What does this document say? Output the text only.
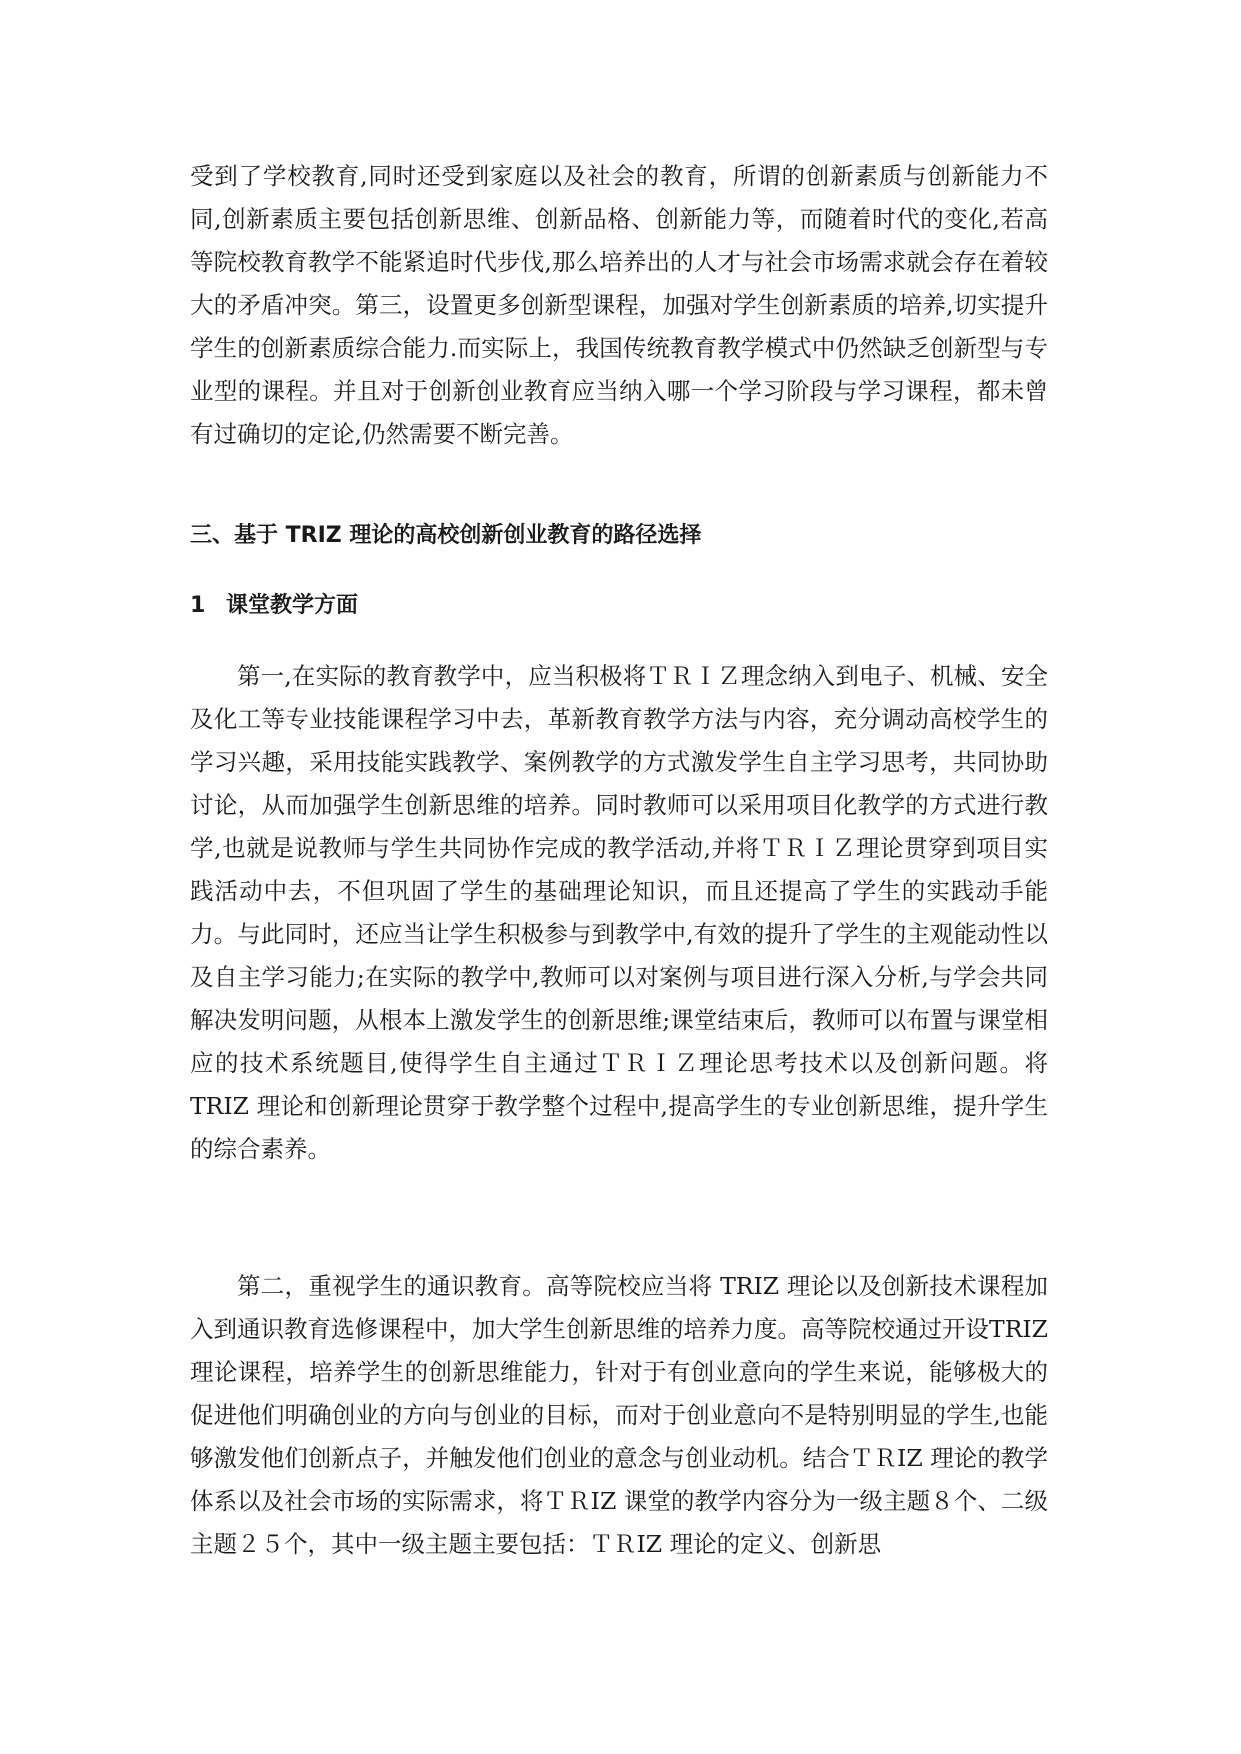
受到了学校教育,同时还受到家庭以及社会的教育，所谓的创新素质与创新能力不同,创新素质主要包括创新思维、创新品格、创新能力等，而随着时代的变化,若高等院校教育教学不能紧追时代步伐,那么培养出的人才与社会市场需求就会存在着较大的矛盾冲突。第三，设置更多创新型课程，加强对学生创新素质的培养,切实提升学生的创新素质综合能力.而实际上，我国传统教育教学模式中仍然缺乏创新型与专业型的课程。并且对于创新创业教育应当纳入哪一个学习阶段与学习课程，都未曾有过确切的定论,仍然需要不断完善。

三、基于 TRIZ 理论的高校创新创业教育的路径选择
1 课堂教学方面

第一,在实际的教育教学中，应当积极将ＴＲＩＺ理念纳入到电子、机械、安全及化工等专业技能课程学习中去，革新教育教学方法与内容，充分调动高校学生的学习兴趣，采用技能实践教学、案例教学的方式激发学生自主学习思考，共同协助讨论，从而加强学生创新思维的培养。同时教师可以采用项目化教学的方式进行教学,也就是说教师与学生共同协作完成的教学活动,并将ＴＲＩＺ理论贯穿到项目实践活动中去，不但巩固了学生的基础理论知识，而且还提高了学生的实践动手能力。与此同时，还应当让学生积极参与到教学中,有效的提升了学生的主观能动性以及自主学习能力;在实际的教学中,教师可以对案例与项目进行深入分析,与学会共同解决发明问题，从根本上激发学生的创新思维;课堂结束后，教师可以布置与课堂相应的技术系统题目,使得学生自主通过ＴＲＩＺ理论思考技术以及创新问题。将 TRIZ 理论和创新理论贯穿于教学整个过程中,提高学生的专业创新思维，提升学生的综合素养。

第二，重视学生的通识教育。高等院校应当将 TRIZ 理论以及创新技术课程加入到通识教育选修课程中，加大学生创新思维的培养力度。高等院校通过开设TRIZ 理论课程，培养学生的创新思维能力，针对于有创业意向的学生来说，能够极大的促进他们明确创业的方向与创业的目标，而对于创业意向不是特别明显的学生,也能够激发他们创新点子，并触发他们创业的意念与创业动机。结合ＴＲIZ 理论的教学体系以及社会市场的实际需求，将ＴＲIZ 课堂的教学内容分为一级主题８个、二级主题２５个，其中一级主题主要包括：ＴＲIZ 理论的定义、创新思
